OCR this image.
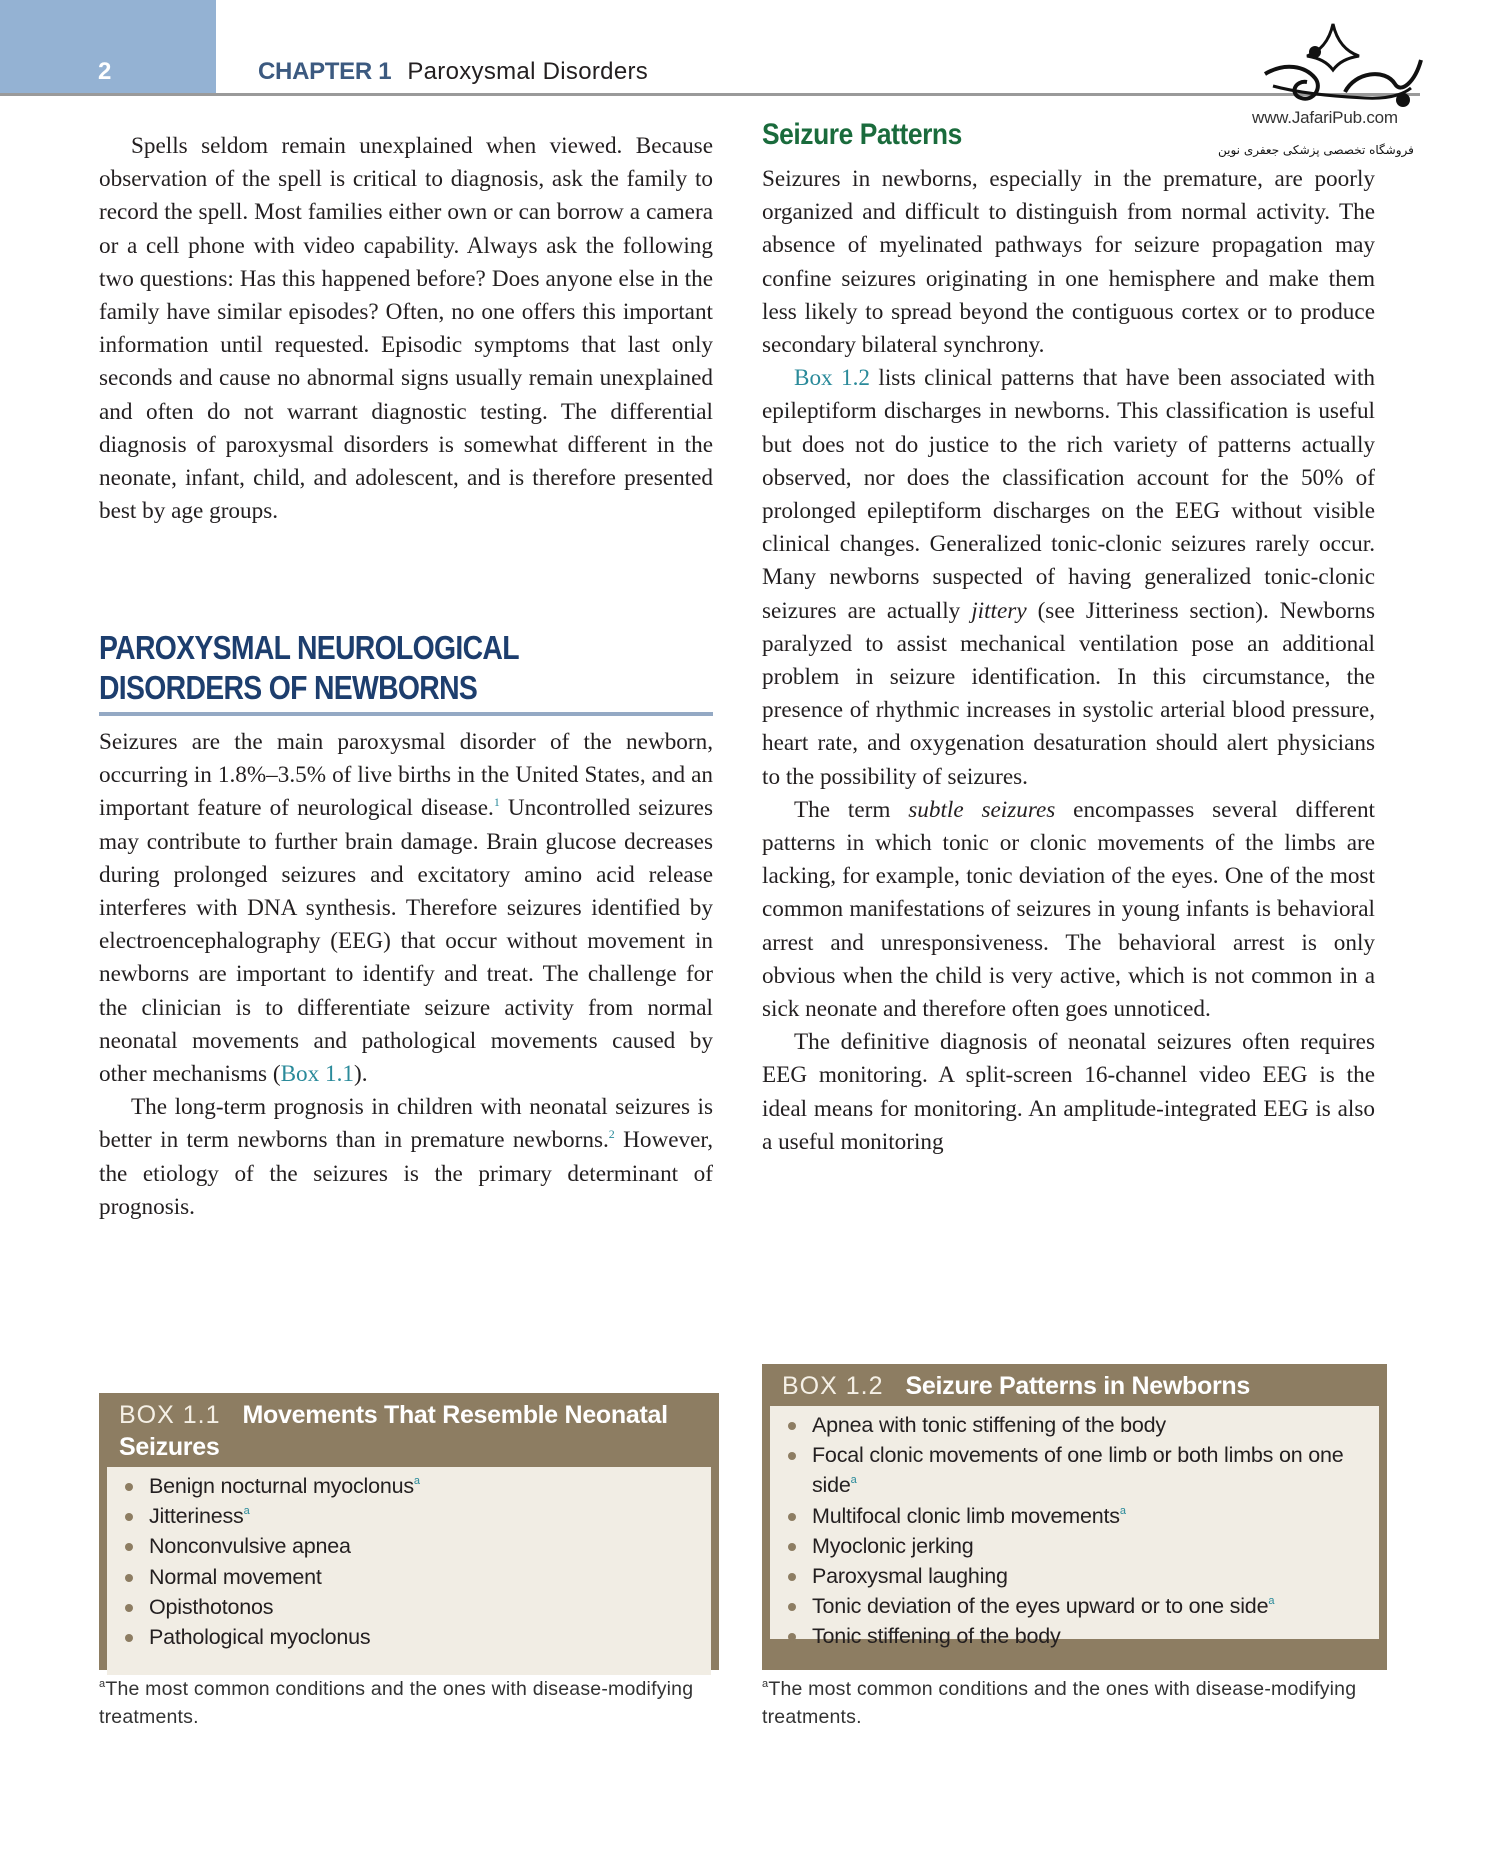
2	CHAPTER 1 Paroxysmal Disorders
www.JafariPub.com
فروشگاه تخصصی پزشکی جعفری نوین

Spells seldom remain unexplained when viewed. Because observation of the spell is critical to diagnosis, ask the family to record the spell. Most families either own or can borrow a camera or a cell phone with video capability. Always ask the following two questions: Has this happened before? Does anyone else in the family have similar episodes? Often, no one offers this important information until requested. Episodic symptoms that last only seconds and cause no abnormal signs usually remain unexplained and often do not warrant diagnostic testing. The differential diagnosis of paroxysmal disorders is somewhat different in the neonate, infant, child, and adolescent, and is therefore presented best by age groups.

PAROXYSMAL NEUROLOGICAL DISORDERS OF NEWBORNS

Seizures are the main paroxysmal disorder of the newborn, occurring in 1.8%–3.5% of live births in the United States, and an important feature of neurological disease.$^1$ Uncontrolled seizures may contribute to further brain damage. Brain glucose decreases during prolonged seizures and excitatory amino acid release interferes with DNA synthesis. Therefore seizures identified by electroencephalography (EEG) that occur without movement in newborns are important to identify and treat. The challenge for the clinician is to differentiate seizure activity from normal neonatal movements and pathological movements caused by other mechanisms (Box 1.1).

The long-term prognosis in children with neonatal seizures is better in term newborns than in premature newborns.$^2$ However, the etiology of the seizures is the primary determinant of prognosis.

Seizure Patterns

Seizures in newborns, especially in the premature, are poorly organized and difficult to distinguish from normal activity. The absence of myelinated pathways for seizure propagation may confine seizures originating in one hemisphere and make them less likely to spread beyond the contiguous cortex or to produce secondary bilateral synchrony.

Box 1.2 lists clinical patterns that have been associated with epileptiform discharges in newborns. This classification is useful but does not do justice to the rich variety of patterns actually observed, nor does the classification account for the 50% of prolonged epileptiform discharges on the EEG without visible clinical changes. Generalized tonic-clonic seizures rarely occur. Many newborns suspected of having generalized tonic-clonic seizures are actually jittery (see Jitteriness section). Newborns paralyzed to assist mechanical ventilation pose an additional problem in seizure identification. In this circumstance, the presence of rhythmic increases in systolic arterial blood pressure, heart rate, and oxygenation desaturation should alert physicians to the possibility of seizures.

The term subtle seizures encompasses several different patterns in which tonic or clonic movements of the limbs are lacking, for example, tonic deviation of the eyes. One of the most common manifestations of seizures in young infants is behavioral arrest and unresponsiveness. The behavioral arrest is only obvious when the child is very active, which is not common in a sick neonate and therefore often goes unnoticed.

The definitive diagnosis of neonatal seizures often requires EEG monitoring. A split-screen 16-channel video EEG is the ideal means for monitoring. An amplitude-integrated EEG is also a useful monitoring

BOX 1.1 Movements That Resemble Neonatal Seizures
Benign nocturnal myoclonus$^a$
Jitteriness$^a$
Nonconvulsive apnea
Normal movement
Opisthotonos
Pathological myoclonus
$^a$The most common conditions and the ones with disease-modifying treatments.
BOX 1.2 Seizure Patterns in Newborns
Apnea with tonic stiffening of the body
Focal clonic movements of one limb or both limbs on one side$^a$
Multifocal clonic limb movements$^a$
Myoclonic jerking
Paroxysmal laughing
Tonic deviation of the eyes upward or to one side$^a$
Tonic stiffening of the body
$^a$The most common conditions and the ones with disease-modifying treatments.
